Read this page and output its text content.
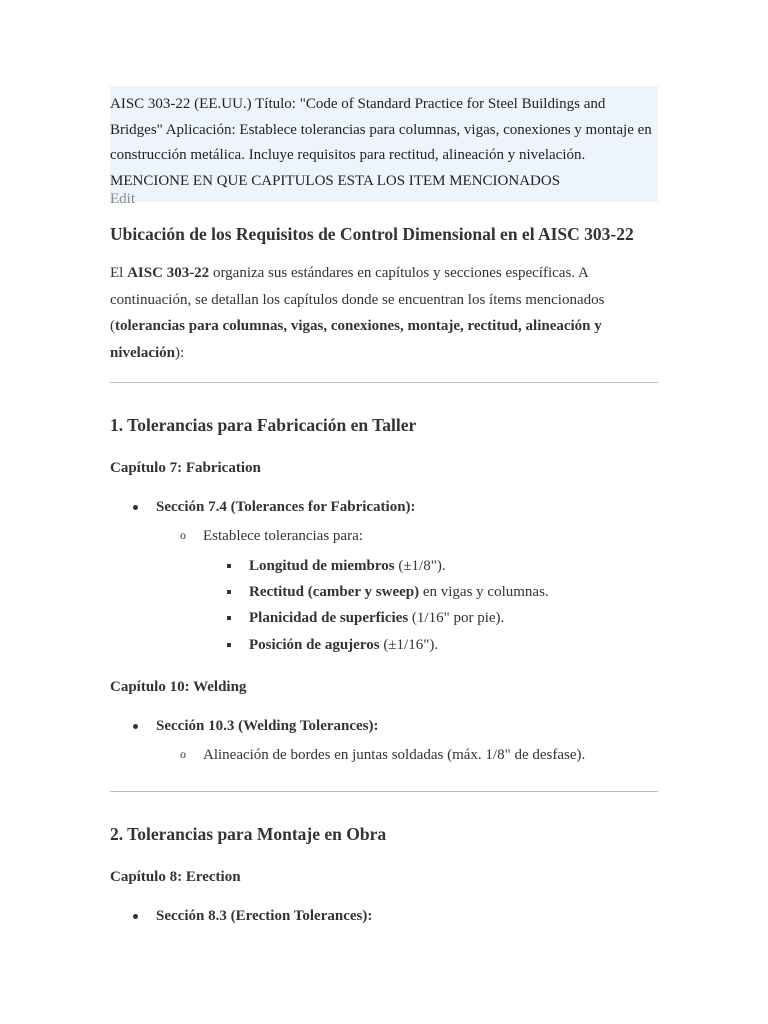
AISC 303-22 (EE.UU.) Título: "Code of Standard Practice for Steel Buildings and Bridges" Aplicación: Establece tolerancias para columnas, vigas, conexiones y montaje en construcción metálica. Incluye requisitos para rectitud, alineación y nivelación. MENCIONE EN QUE CAPITULOS ESTA LOS ITEM MENCIONADOS
Edit
Ubicación de los Requisitos de Control Dimensional en el AISC 303-22

El AISC 303-22 organiza sus estándares en capítulos y secciones específicas. A continuación, se detallan los capítulos donde se encuentran los ítems mencionados (tolerancias para columnas, vigas, conexiones, montaje, rectitud, alineación y nivelación):

1. Tolerancias para Fabricación en Taller
Capítulo 7: Fabrication
Sección 7.4 (Tolerances for Fabrication):
o Establece tolerancias para:
Longitud de miembros (±1/8").
Rectitud (camber y sweep) en vigas y columnas.
Planicidad de superficies (1/16" por pie).
Posición de agujeros (±1/16").
Capítulo 10: Welding
Sección 10.3 (Welding Tolerances):
o Alineación de bordes en juntas soldadas (máx. 1/8" de desfase).
2. Tolerancias para Montaje en Obra
Capítulo 8: Erection
Sección 8.3 (Erection Tolerances):
